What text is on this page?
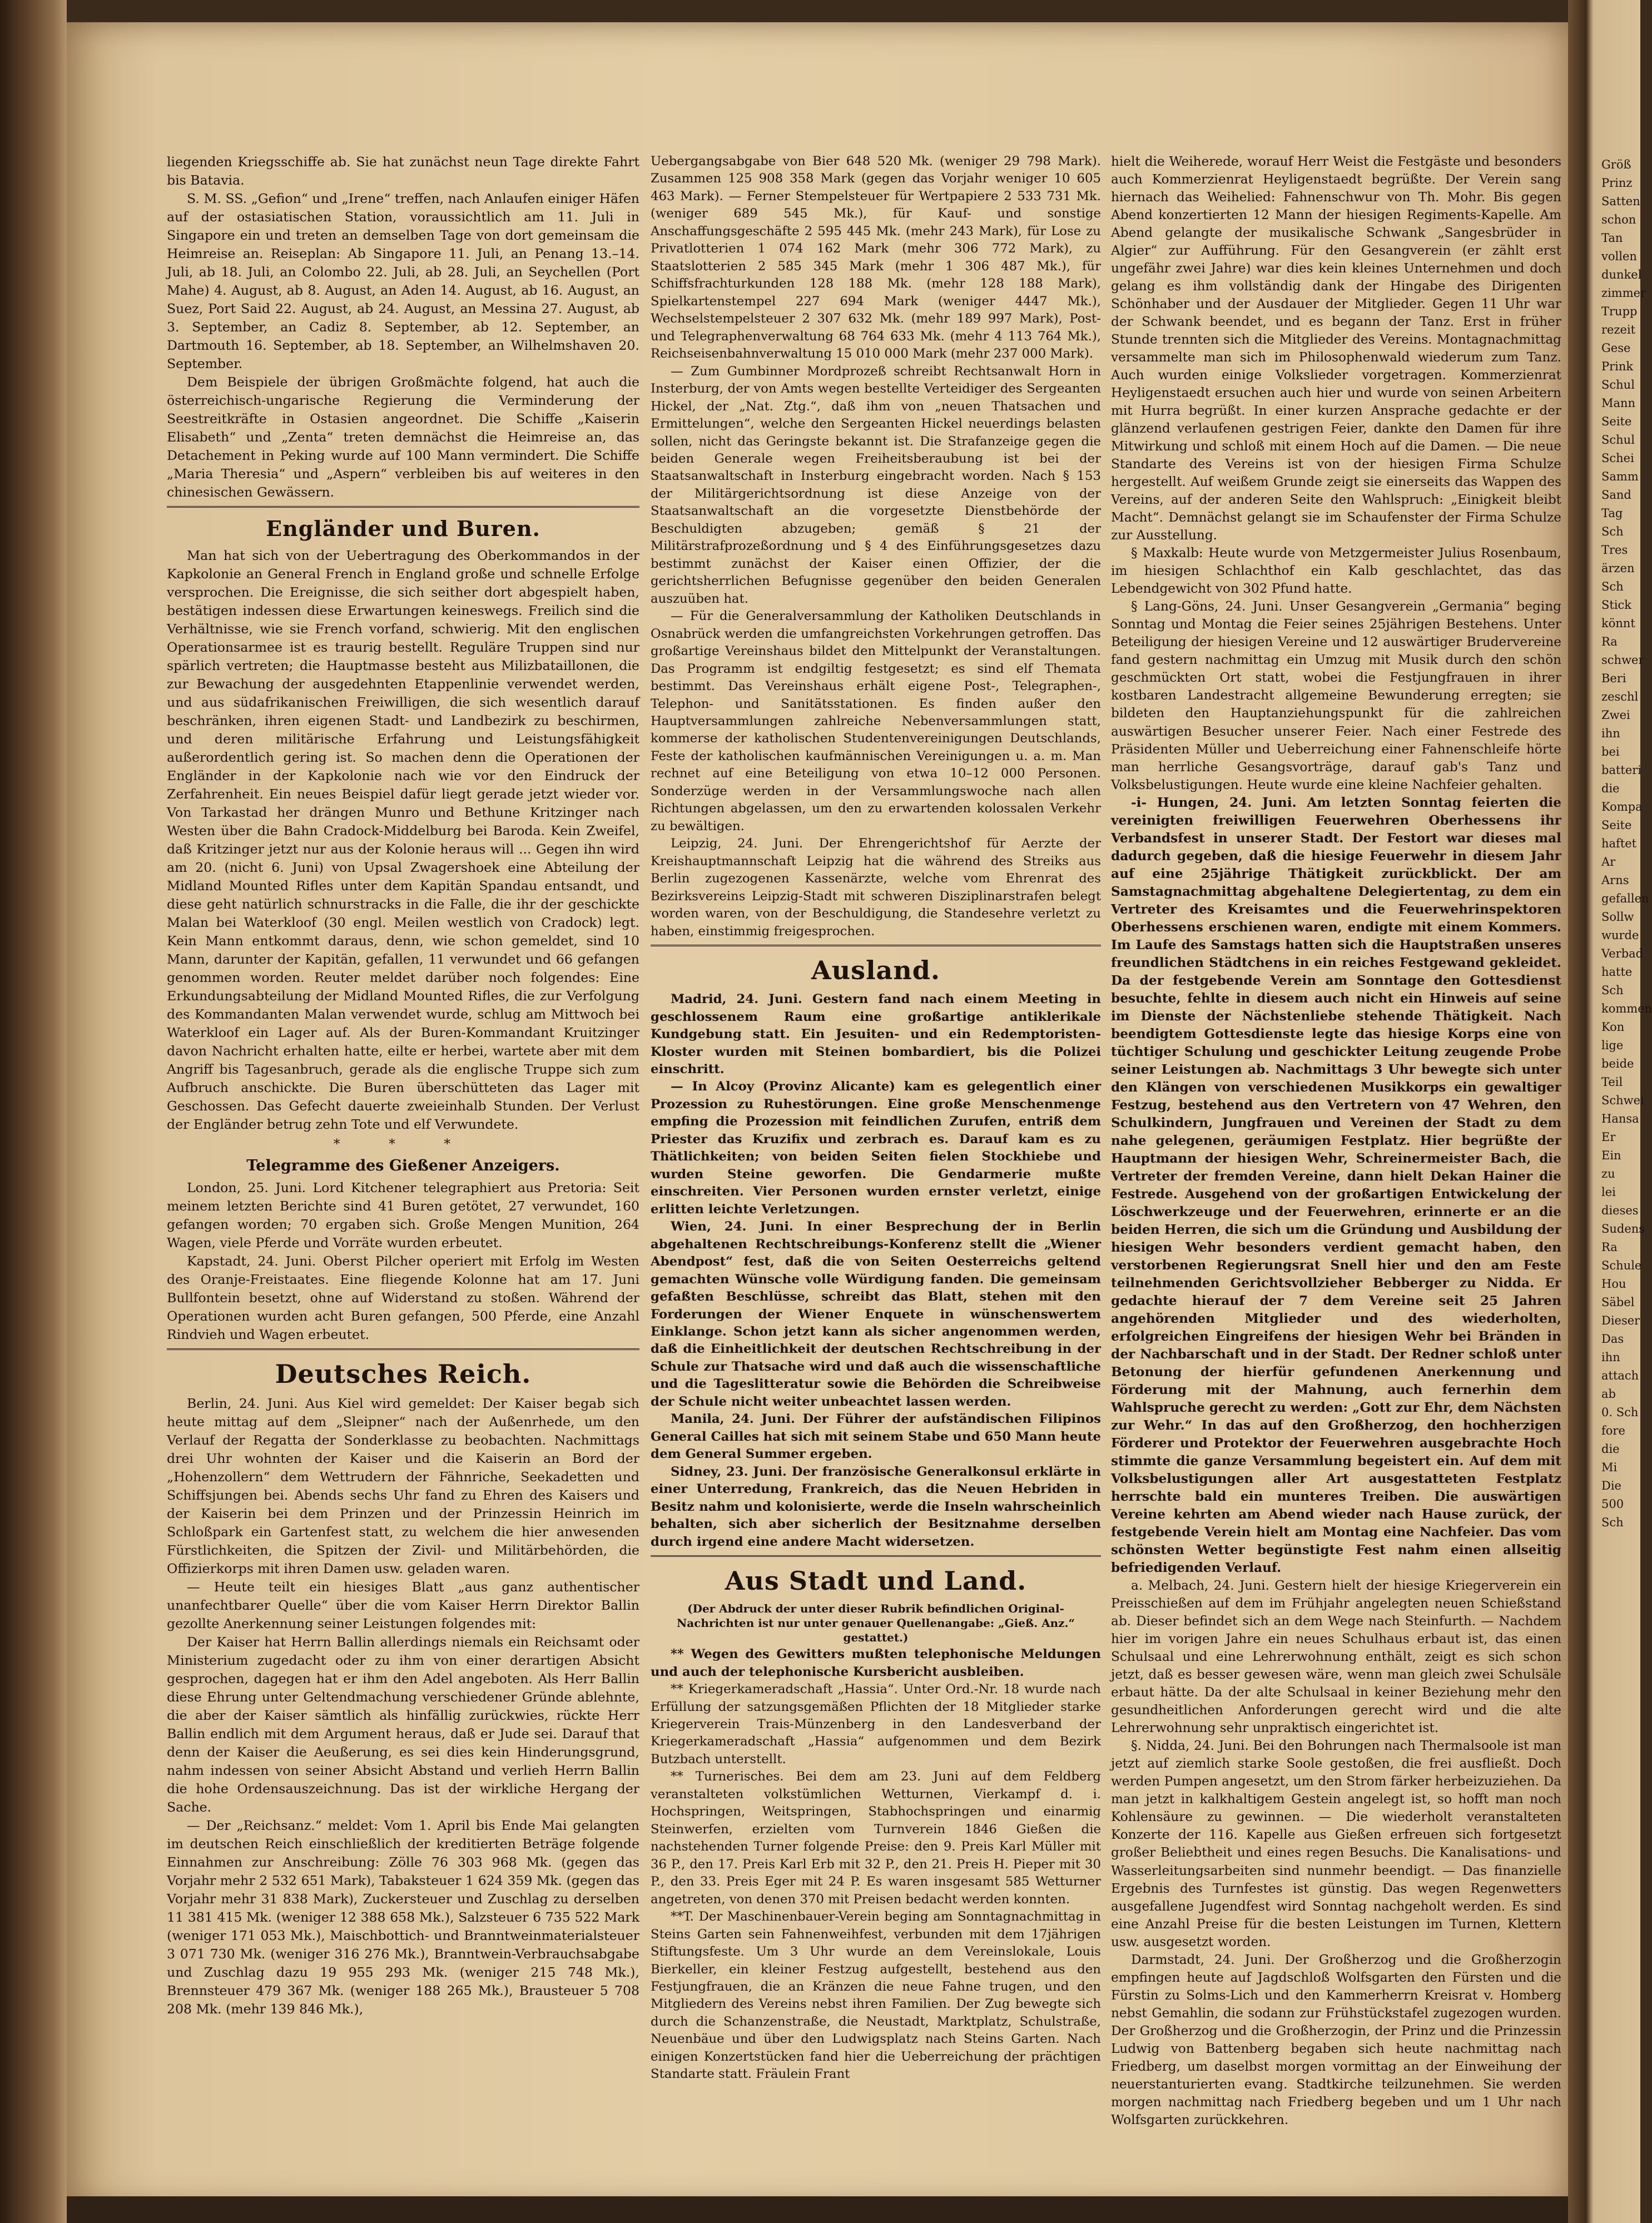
liegenden Kriegsschiffe ab. Sie hat zunächst neun Tage direkte Fahrt bis Batavia.

S. M. SS. „Gefion“ und „Irene“ treffen, nach Anlaufen einiger Häfen auf der ostasiatischen Station, voraussichtlich am 11. Juli in Singapore ein und treten an demselben Tage von dort gemeinsam die Heimreise an. Reiseplan: Ab Singapore 11. Juli, an Penang 13.–14. Juli, ab 18. Juli, an Colombo 22. Juli, ab 28. Juli, an Seychellen (Port Mahe) 4. August, ab 8. August, an Aden 14. August, ab 16. August, an Suez, Port Said 22. August, ab 24. August, an Messina 27. August, ab 3. September, an Cadiz 8. September, ab 12. September, an Dartmouth 16. September, ab 18. September, an Wilhelmshaven 20. September.

Dem Beispiele der übrigen Großmächte folgend, hat auch die österreichisch-ungarische Regierung die Verminderung der Seestreitkräfte in Ostasien angeordnet. Die Schiffe „Kaiserin Elisabeth“ und „Zenta“ treten demnächst die Heimreise an, das Detachement in Peking wurde auf 100 Mann vermindert. Die Schiffe „Maria Theresia“ und „Aspern“ verbleiben bis auf weiteres in den chinesischen Gewässern.

Engländer und Buren.

Man hat sich von der Uebertragung des Oberkommandos in der Kapkolonie an General French in England große und schnelle Erfolge versprochen. Die Ereignisse, die sich seither dort abgespielt haben, bestätigen indessen diese Erwartungen keineswegs. Freilich sind die Verhältnisse, wie sie French vorfand, schwierig. Mit den englischen Operationsarmee ist es traurig bestellt. Reguläre Truppen sind nur spärlich vertreten; die Hauptmasse besteht aus Milizbataillonen, die zur Bewachung der ausgedehnten Etappenlinie verwendet werden, und aus südafrikanischen Freiwilligen, die sich wesentlich darauf beschränken, ihren eigenen Stadt- und Landbezirk zu beschirmen, und deren militärische Erfahrung und Leistungsfähigkeit außerordentlich gering ist. So machen denn die Operationen der Engländer in der Kapkolonie nach wie vor den Eindruck der Zerfahrenheit. Ein neues Beispiel dafür liegt gerade jetzt wieder vor. Von Tarkastad her drängen Munro und Bethune Kritzinger nach Westen über die Bahn Cradock-Middelburg bei Baroda. Kein Zweifel, daß Kritzinger jetzt nur aus der Kolonie heraus will ... Gegen ihn wird am 20. (nicht 6. Juni) von Upsal Zwagershoek eine Abteilung der Midland Mounted Rifles unter dem Kapitän Spandau entsandt, und diese geht natürlich schnurstracks in die Falle, die ihr der geschickte Malan bei Waterkloof (30 engl. Meilen westlich von Cradock) legt. Kein Mann entkommt daraus, denn, wie schon gemeldet, sind 10 Mann, darunter der Kapitän, gefallen, 11 verwundet und 66 gefangen genommen worden. Reuter meldet darüber noch folgendes: Eine Erkundungsabteilung der Midland Mounted Rifles, die zur Verfolgung des Kommandanten Malan verwendet wurde, schlug am Mittwoch bei Waterkloof ein Lager auf. Als der Buren-Kommandant Kruitzinger davon Nachricht erhalten hatte, eilte er herbei, wartete aber mit dem Angriff bis Tagesanbruch, gerade als die englische Truppe sich zum Aufbruch anschickte. Die Buren überschütteten das Lager mit Geschossen. Das Gefecht dauerte zweieinhalb Stunden. Der Verlust der Engländer betrug zehn Tote und elf Verwundete.

* * *
Telegramme des Gießener Anzeigers.

London, 25. Juni. Lord Kitchener telegraphiert aus Pretoria: Seit meinem letzten Berichte sind 41 Buren getötet, 27 verwundet, 160 gefangen worden; 70 ergaben sich. Große Mengen Munition, 264 Wagen, viele Pferde und Vorräte wurden erbeutet.

Kapstadt, 24. Juni. Oberst Pilcher operiert mit Erfolg im Westen des Oranje-Freistaates. Eine fliegende Kolonne hat am 17. Juni Bullfontein besetzt, ohne auf Widerstand zu stoßen. Während der Operationen wurden acht Buren gefangen, 500 Pferde, eine Anzahl Rindvieh und Wagen erbeutet.

Deutsches Reich.

Berlin, 24. Juni. Aus Kiel wird gemeldet: Der Kaiser begab sich heute mittag auf dem „Sleipner“ nach der Außenrhede, um den Verlauf der Regatta der Sonderklasse zu beobachten. Nachmittags drei Uhr wohnten der Kaiser und die Kaiserin an Bord der „Hohenzollern“ dem Wettrudern der Fähnriche, Seekadetten und Schiffsjungen bei. Abends sechs Uhr fand zu Ehren des Kaisers und der Kaiserin bei dem Prinzen und der Prinzessin Heinrich im Schloßpark ein Gartenfest statt, zu welchem die hier anwesenden Fürstlichkeiten, die Spitzen der Zivil- und Militärbehörden, die Offizierkorps mit ihren Damen usw. geladen waren.

— Heute teilt ein hiesiges Blatt „aus ganz authentischer unanfechtbarer Quelle“ über die vom Kaiser Herrn Direktor Ballin gezollte Anerkennung seiner Leistungen folgendes mit:

Der Kaiser hat Herrn Ballin allerdings niemals ein Reichsamt oder Ministerium zugedacht oder zu ihm von einer derartigen Absicht gesprochen, dagegen hat er ihm den Adel angeboten. Als Herr Ballin diese Ehrung unter Geltendmachung verschiedener Gründe ablehnte, die aber der Kaiser sämtlich als hinfällig zurückwies, rückte Herr Ballin endlich mit dem Argument heraus, daß er Jude sei. Darauf that denn der Kaiser die Aeußerung, es sei dies kein Hinderungsgrund, nahm indessen von seiner Absicht Abstand und verlieh Herrn Ballin die hohe Ordensauszeichnung. Das ist der wirkliche Hergang der Sache.

— Der „Reichsanz.“ meldet: Vom 1. April bis Ende Mai gelangten im deutschen Reich einschließlich der kreditierten Beträge folgende Einnahmen zur Anschreibung: Zölle 76 303 968 Mk. (gegen das Vorjahr mehr 2 532 651 Mark), Tabaksteuer 1 624 359 Mk. (gegen das Vorjahr mehr 31 838 Mark), Zuckersteuer und Zuschlag zu derselben 11 381 415 Mk. (weniger 12 388 658 Mk.), Salzsteuer 6 735 522 Mark (weniger 171 053 Mk.), Maischbottich- und Branntweinmaterialsteuer 3 071 730 Mk. (weniger 316 276 Mk.), Branntwein-Verbrauchsabgabe und Zuschlag dazu 19 955 293 Mk. (weniger 215 748 Mk.), Brennsteuer 479 367 Mk. (weniger 188 265 Mk.), Brausteuer 5 708 208 Mk. (mehr 139 846 Mk.),

Uebergangsabgabe von Bier 648 520 Mk. (weniger 29 798 Mark). Zusammen 125 908 358 Mark (gegen das Vorjahr weniger 10 605 463 Mark). — Ferner Stempelsteuer für Wertpapiere 2 533 731 Mk. (weniger 689 545 Mk.), für Kauf- und sonstige Anschaffungsgeschäfte 2 595 445 Mk. (mehr 243 Mark), für Lose zu Privatlotterien 1 074 162 Mark (mehr 306 772 Mark), zu Staatslotterien 2 585 345 Mark (mehr 1 306 487 Mk.), für Schiffsfrachturkunden 128 188 Mk. (mehr 128 188 Mark), Spielkartenstempel 227 694 Mark (weniger 4447 Mk.), Wechselstempelsteuer 2 307 632 Mk. (mehr 189 997 Mark), Post- und Telegraphenverwaltung 68 764 633 Mk. (mehr 4 113 764 Mk.), Reichseisenbahnverwaltung 15 010 000 Mark (mehr 237 000 Mark).

— Zum Gumbinner Mordprozeß schreibt Rechtsanwalt Horn in Insterburg, der von Amts wegen bestellte Verteidiger des Sergeanten Hickel, der „Nat. Ztg.“, daß ihm von „neuen Thatsachen und Ermittelungen“, welche den Sergeanten Hickel neuerdings belasten sollen, nicht das Geringste bekannt ist. Die Strafanzeige gegen die beiden Generale wegen Freiheitsberaubung ist bei der Staatsanwaltschaft in Insterburg eingebracht worden. Nach § 153 der Militärgerichtsordnung ist diese Anzeige von der Staatsanwaltschaft an die vorgesetzte Dienstbehörde der Beschuldigten abzugeben; gemäß § 21 der Militärstrafprozeßordnung und § 4 des Einführungsgesetzes dazu bestimmt zunächst der Kaiser einen Offizier, der die gerichtsherrlichen Befugnisse gegenüber den beiden Generalen auszuüben hat.

— Für die Generalversammlung der Katholiken Deutschlands in Osnabrück werden die umfangreichsten Vorkehrungen getroffen. Das großartige Vereinshaus bildet den Mittelpunkt der Veranstaltungen. Das Programm ist endgiltig festgesetzt; es sind elf Themata bestimmt. Das Vereinshaus erhält eigene Post-, Telegraphen-, Telephon- und Sanitätsstationen. Es finden außer den Hauptversammlungen zahlreiche Nebenversammlungen statt, kommerse der katholischen Studentenvereinigungen Deutschlands, Feste der katholischen kaufmännischen Vereinigungen u. a. m. Man rechnet auf eine Beteiligung von etwa 10–12 000 Personen. Sonderzüge werden in der Versammlungswoche nach allen Richtungen abgelassen, um den zu erwartenden kolossalen Verkehr zu bewältigen.

Leipzig, 24. Juni. Der Ehrengerichtshof für Aerzte der Kreishauptmannschaft Leipzig hat die während des Streiks aus Berlin zugezogenen Kassenärzte, welche vom Ehrenrat des Bezirksvereins Leipzig-Stadt mit schweren Disziplinarstrafen belegt worden waren, von der Beschuldigung, die Standesehre verletzt zu haben, einstimmig freigesprochen.

Ausland.

Madrid, 24. Juni. Gestern fand nach einem Meeting in geschlossenem Raum eine großartige antiklerikale Kundgebung statt. Ein Jesuiten- und ein Redemptoristen-Kloster wurden mit Steinen bombardiert, bis die Polizei einschritt.

— In Alcoy (Provinz Alicante) kam es gelegentlich einer Prozession zu Ruhestörungen. Eine große Menschenmenge empfing die Prozession mit feindlichen Zurufen, entriß dem Priester das Kruzifix und zerbrach es. Darauf kam es zu Thätlichkeiten; von beiden Seiten fielen Stockhiebe und wurden Steine geworfen. Die Gendarmerie mußte einschreiten. Vier Personen wurden ernster verletzt, einige erlitten leichte Verletzungen.

Wien, 24. Juni. In einer Besprechung der in Berlin abgehaltenen Rechtschreibungs-Konferenz stellt die „Wiener Abendpost“ fest, daß die von Seiten Oesterreichs geltend gemachten Wünsche volle Würdigung fanden. Die gemeinsam gefaßten Beschlüsse, schreibt das Blatt, stehen mit den Forderungen der Wiener Enquete in wünschenswertem Einklange. Schon jetzt kann als sicher angenommen werden, daß die Einheitlichkeit der deutschen Rechtschreibung in der Schule zur Thatsache wird und daß auch die wissenschaftliche und die Tageslitteratur sowie die Behörden die Schreibweise der Schule nicht weiter unbeachtet lassen werden.

Manila, 24. Juni. Der Führer der aufständischen Filipinos General Cailles hat sich mit seinem Stabe und 650 Mann heute dem General Summer ergeben.

Sidney, 23. Juni. Der französische Generalkonsul erklärte in einer Unterredung, Frankreich, das die Neuen Hebriden in Besitz nahm und kolonisierte, werde die Inseln wahrscheinlich behalten, sich aber sicherlich der Besitznahme derselben durch irgend eine andere Macht widersetzen.

Aus Stadt und Land.
(Der Abdruck der unter dieser Rubrik befindlichen Original-Nachrichten ist nur unter genauer Quellenangabe: „Gieß. Anz.“ gestattet.)

** Wegen des Gewitters mußten telephonische Meldungen und auch der telephonische Kursbericht ausbleiben.

** Kriegerkameradschaft „Hassia“. Unter Ord.-Nr. 18 wurde nach Erfüllung der satzungsgemäßen Pflichten der 18 Mitglieder starke Kriegerverein Trais-Münzenberg in den Landesverband der Kriegerkameradschaft „Hassia“ aufgenommen und dem Bezirk Butzbach unterstellt.

** Turnerisches. Bei dem am 23. Juni auf dem Feldberg veranstalteten volkstümlichen Wetturnen, Vierkampf d. i. Hochspringen, Weitspringen, Stabhochspringen und einarmig Steinwerfen, erzielten vom Turnverein 1846 Gießen die nachstehenden Turner folgende Preise: den 9. Preis Karl Müller mit 36 P., den 17. Preis Karl Erb mit 32 P., den 21. Preis H. Pieper mit 30 P., den 33. Preis Eger mit 24 P. Es waren insgesamt 585 Wetturner angetreten, von denen 370 mit Preisen bedacht werden konnten.

**T. Der Maschinenbauer-Verein beging am Sonntagnachmittag in Steins Garten sein Fahnenweihfest, verbunden mit dem 17jährigen Stiftungsfeste. Um 3 Uhr wurde an dem Vereinslokale, Louis Bierkeller, ein kleiner Festzug aufgestellt, bestehend aus den Festjungfrauen, die an Kränzen die neue Fahne trugen, und den Mitgliedern des Vereins nebst ihren Familien. Der Zug bewegte sich durch die Schanzenstraße, die Neustadt, Marktplatz, Schulstraße, Neuenbäue und über den Ludwigsplatz nach Steins Garten. Nach einigen Konzertstücken fand hier die Ueberreichung der prächtigen Standarte statt. Fräulein Frant

hielt die Weiherede, worauf Herr Weist die Festgäste und besonders auch Kommerzienrat Heyligenstaedt begrüßte. Der Verein sang hiernach das Weihelied: Fahnenschwur von Th. Mohr. Bis gegen Abend konzertierten 12 Mann der hiesigen Regiments-Kapelle. Am Abend gelangte der musikalische Schwank „Sangesbrüder in Algier“ zur Aufführung. Für den Gesangverein (er zählt erst ungefähr zwei Jahre) war dies kein kleines Unternehmen und doch gelang es ihm vollständig dank der Hingabe des Dirigenten Schönhaber und der Ausdauer der Mitglieder. Gegen 11 Uhr war der Schwank beendet, und es begann der Tanz. Erst in früher Stunde trennten sich die Mitglieder des Vereins. Montagnachmittag versammelte man sich im Philosophenwald wiederum zum Tanz. Auch wurden einige Volkslieder vorgetragen. Kommerzienrat Heyligenstaedt ersuchen auch hier und wurde von seinen Arbeitern mit Hurra begrüßt. In einer kurzen Ansprache gedachte er der glänzend verlaufenen gestrigen Feier, dankte den Damen für ihre Mitwirkung und schloß mit einem Hoch auf die Damen. — Die neue Standarte des Vereins ist von der hiesigen Firma Schulze hergestellt. Auf weißem Grunde zeigt sie einerseits das Wappen des Vereins, auf der anderen Seite den Wahlspruch: „Einigkeit bleibt Macht“. Demnächst gelangt sie im Schaufenster der Firma Schulze zur Ausstellung.

§ Maxkalb: Heute wurde von Metzgermeister Julius Rosenbaum, im hiesigen Schlachthof ein Kalb geschlachtet, das das Lebendgewicht von 302 Pfund hatte.

§ Lang-Göns, 24. Juni. Unser Gesangverein „Germania“ beging Sonntag und Montag die Feier seines 25jährigen Bestehens. Unter Beteiligung der hiesigen Vereine und 12 auswärtiger Brudervereine fand gestern nachmittag ein Umzug mit Musik durch den schön geschmückten Ort statt, wobei die Festjungfrauen in ihrer kostbaren Landestracht allgemeine Bewunderung erregten; sie bildeten den Hauptanziehungspunkt für die zahlreichen auswärtigen Besucher unserer Feier. Nach einer Festrede des Präsidenten Müller und Ueberreichung einer Fahnenschleife hörte man herrliche Gesangsvorträge, darauf gab's Tanz und Volksbelustigungen. Heute wurde eine kleine Nachfeier gehalten.

-i- Hungen, 24. Juni. Am letzten Sonntag feierten die vereinigten freiwilligen Feuerwehren Oberhessens ihr Verbandsfest in unserer Stadt. Der Festort war dieses mal dadurch gegeben, daß die hiesige Feuerwehr in diesem Jahr auf eine 25jährige Thätigkeit zurückblickt. Der am Samstagnachmittag abgehaltene Delegiertentag, zu dem ein Vertreter des Kreisamtes und die Feuerwehrinspektoren Oberhessens erschienen waren, endigte mit einem Kommers. Im Laufe des Samstags hatten sich die Hauptstraßen unseres freundlichen Städtchens in ein reiches Festgewand gekleidet. Da der festgebende Verein am Sonntage den Gottesdienst besuchte, fehlte in diesem auch nicht ein Hinweis auf seine im Dienste der Nächstenliebe stehende Thätigkeit. Nach beendigtem Gottesdienste legte das hiesige Korps eine von tüchtiger Schulung und geschickter Leitung zeugende Probe seiner Leistungen ab. Nachmittags 3 Uhr bewegte sich unter den Klängen von verschiedenen Musikkorps ein gewaltiger Festzug, bestehend aus den Vertretern von 47 Wehren, den Schulkindern, Jungfrauen und Vereinen der Stadt zu dem nahe gelegenen, geräumigen Festplatz. Hier begrüßte der Hauptmann der hiesigen Wehr, Schreinermeister Bach, die Vertreter der fremden Vereine, dann hielt Dekan Hainer die Festrede. Ausgehend von der großartigen Entwickelung der Löschwerkzeuge und der Feuerwehren, erinnerte er an die beiden Herren, die sich um die Gründung und Ausbildung der hiesigen Wehr besonders verdient gemacht haben, den verstorbenen Regierungsrat Snell hier und den am Feste teilnehmenden Gerichtsvollzieher Bebberger zu Nidda. Er gedachte hierauf der 7 dem Vereine seit 25 Jahren angehörenden Mitglieder und des wiederholten, erfolgreichen Eingreifens der hiesigen Wehr bei Bränden in der Nachbarschaft und in der Stadt. Der Redner schloß unter Betonung der hierfür gefundenen Anerkennung und Förderung mit der Mahnung, auch fernerhin dem Wahlspruche gerecht zu werden: „Gott zur Ehr, dem Nächsten zur Wehr.“ In das auf den Großherzog, den hochherzigen Förderer und Protektor der Feuerwehren ausgebrachte Hoch stimmte die ganze Versammlung begeistert ein. Auf dem mit Volksbelustigungen aller Art ausgestatteten Festplatz herrschte bald ein munteres Treiben. Die auswärtigen Vereine kehrten am Abend wieder nach Hause zurück, der festgebende Verein hielt am Montag eine Nachfeier. Das vom schönsten Wetter begünstigte Fest nahm einen allseitig befriedigenden Verlauf.

a. Melbach, 24. Juni. Gestern hielt der hiesige Kriegerverein ein Preisschießen auf dem im Frühjahr angelegten neuen Schießstand ab. Dieser befindet sich an dem Wege nach Steinfurth. — Nachdem hier im vorigen Jahre ein neues Schulhaus erbaut ist, das einen Schulsaal und eine Lehrerwohnung enthält, zeigt es sich schon jetzt, daß es besser gewesen wäre, wenn man gleich zwei Schulsäle erbaut hätte. Da der alte Schulsaal in keiner Beziehung mehr den gesundheitlichen Anforderungen gerecht wird und die alte Lehrerwohnung sehr unpraktisch eingerichtet ist.

§. Nidda, 24. Juni. Bei den Bohrungen nach Thermalsoole ist man jetzt auf ziemlich starke Soole gestoßen, die frei ausfließt. Doch werden Pumpen angesetzt, um den Strom färker herbeizuziehen. Da man jetzt in kalkhaltigem Gestein angelegt ist, so hofft man noch Kohlensäure zu gewinnen. — Die wiederholt veranstalteten Konzerte der 116. Kapelle aus Gießen erfreuen sich fortgesetzt großer Beliebtheit und eines regen Besuchs. Die Kanalisations- und Wasserleitungsarbeiten sind nunmehr beendigt. — Das finanzielle Ergebnis des Turnfestes ist günstig. Das wegen Regenwetters ausgefallene Jugendfest wird Sonntag nachgeholt werden. Es sind eine Anzahl Preise für die besten Leistungen im Turnen, Klettern usw. ausgesetzt worden.

Darmstadt, 24. Juni. Der Großherzog und die Großherzogin empfingen heute auf Jagdschloß Wolfsgarten den Fürsten und die Fürstin zu Solms-Lich und den Kammerherrn Kreisrat v. Homberg nebst Gemahlin, die sodann zur Frühstückstafel zugezogen wurden. Der Großherzog und die Großherzogin, der Prinz und die Prinzessin Ludwig von Battenberg begaben sich heute nachmittag nach Friedberg, um daselbst morgen vormittag an der Einweihung der neuerstanturierten evang. Stadtkirche teilzunehmen. Sie werden morgen nachmittag nach Friedberg begeben und um 1 Uhr nach Wolfsgarten zurückkehren.

Größ
Prinz
Satten
schon
Tan
vollen
dunkel
zimmer
Trupp
rezeit
Gese
Prink
Schul
Mann
Seite
Schul
Schei
Samm
Sand
Tag
Sch
Tres
ärzen
Sch
Stick
könnt
Ra
schwer
Beri
zeschl
Zwei
ihn
bei
batteri
die
Kompa
Seite
haftet
Ar
Arns
gefallen
Sollw
wurde
Verbad
hatte
Sch
kommen
Kon
lige
beide
Teil
Schwei
Hansa
Er
Ein
zu
lei
dieses
Sudens
Ra
Schule
Hou
Säbel
Dieser
Das
ihn
attach
ab
0. Sch
fore
die
Mi
Die
500
Sch
